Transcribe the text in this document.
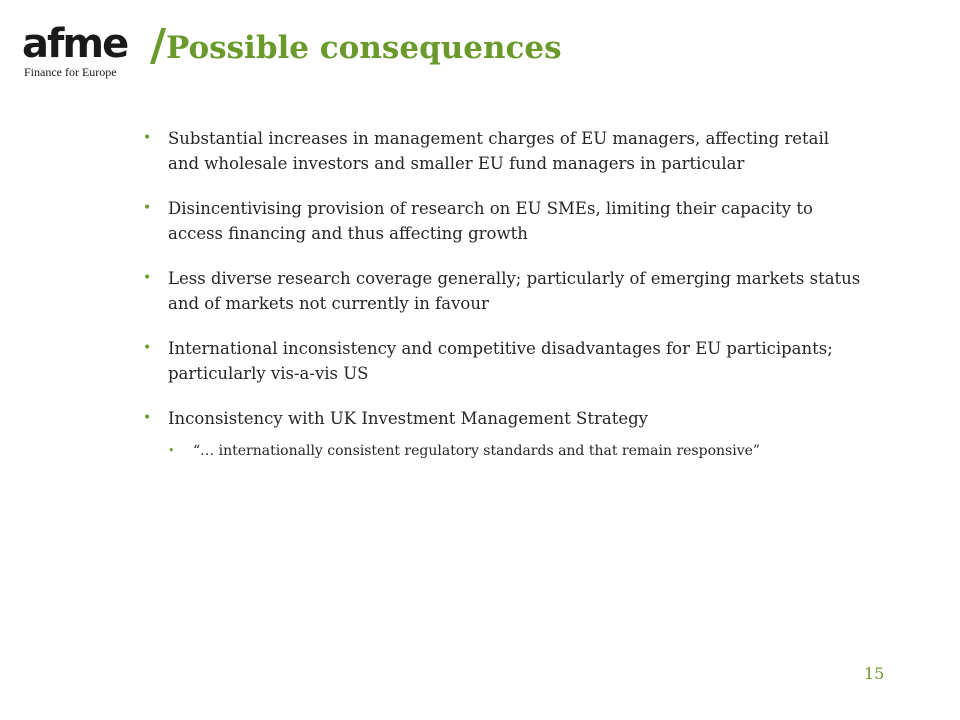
afme /
Finance for Europe
Possible consequences
• Substantial increases in management charges of EU managers, affecting retail and wholesale investors and smaller EU fund managers in particular
• Disincentivising provision of research on EU SMEs, limiting their capacity to access financing and thus affecting growth
• Less diverse research coverage generally; particularly of emerging markets status and of markets not currently in favour
• International inconsistency and competitive disadvantages for EU participants; particularly vis-a-vis US
• Inconsistency with UK Investment Management Strategy
• “… internationally consistent regulatory standards and that remain responsive”
15
